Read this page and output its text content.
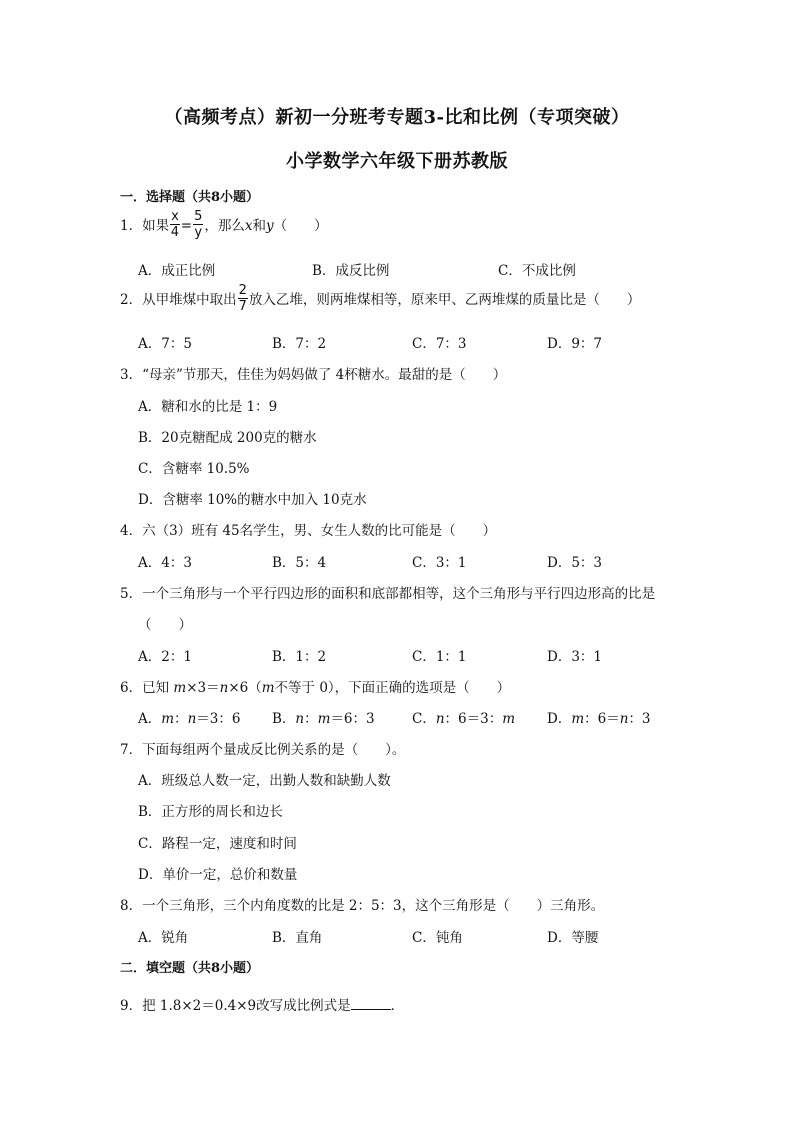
（高频考点）新初一分班考专题3-比和比例（专项突破）
小学数学六年级下册苏教版
一．选择题（共8小题）
1．如果 $\frac{x}{4} = \frac{5}{y}$ ，那么x和y（　　）
A．成正比例	B．成反比例	C．不成比例
2．从甲堆煤中取出 $\frac{2}{7}$ 放入乙堆，则两堆煤相等，原来甲、乙两堆煤的质量比是（　　）
A．7：5	B．7：2	C．7：3	D．9：7
3．“母亲”节那天，佳佳为妈妈做了 4杯糖水。最甜的是（　　）
A．糖和水的比是 1：9
B．20克糖配成 200克的糖水
C．含糖率 10.5%
D．含糖率 10%的糖水中加入 10克水
4．六（3）班有 45名学生，男、女生人数的比可能是（　　）
A．4：3	B．5：4	C．3：1	D．5：3
5．一个三角形与一个平行四边形的面积和底部都相等，这个三角形与平行四边形高的比是
（　　）
A．2：1	B．1：2	C．1：1	D．3：1
6．已知 m×3＝n×6（m不等于 0），下面正确的选项是（　　）
A．m：n＝3：6 B．n：m＝6：3	C．n：6＝3：m D．m：6＝n：3
7．下面每组两个量成反比例关系的是（　　）。
A．班级总人数一定，出勤人数和缺勤人数
B．正方形的周长和边长
C．路程一定，速度和时间
D．单价一定，总价和数量
8．一个三角形，三个内角度数的比是 2：5：3，这个三角形是（　　）三角形。
A．锐角	B．直角	C．钝角	D．等腰
二．填空题（共8小题）
9．把 1.8×2＝0.4×9改写成比例式是	．
